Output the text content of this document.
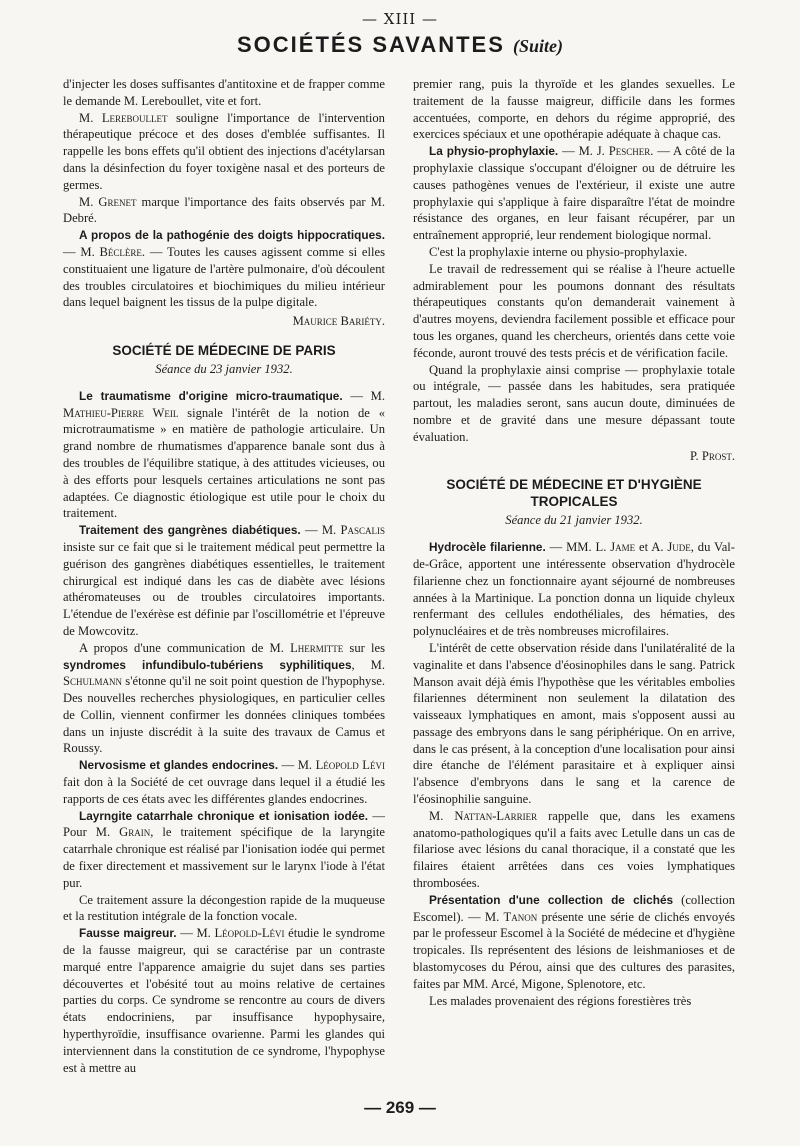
— XIII —
SOCIÉTÉS SAVANTES (Suite)

d'injecter les doses suffisantes d'antitoxine et de frapper comme le demande M. Lereboullet, vite et fort.

M. Lereboullet souligne l'importance de l'intervention thérapeutique précoce et des doses d'emblée suffisantes. Il rappelle les bons effets qu'il obtient des injections d'acétylarsan dans la désinfection du foyer toxigène nasal et des porteurs de germes.

M. Grenet marque l'importance des faits observés par M. Debré.

A propos de la pathogénie des doigts hippocratiques. — M. Béclère. — Toutes les causes agissent comme si elles constituaient une ligature de l'artère pulmonaire, d'où découlent des troubles circulatoires et biochimiques du milieu intérieur dans lequel baignent les tissus de la pulpe digitale.

Maurice Bariéty.
SOCIÉTÉ DE MÉDECINE DE PARIS
Séance du 23 janvier 1932.

Le traumatisme d'origine micro-traumatique. — M. Mathieu-Pierre Weil signale l'intérêt de la notion de « microtraumatisme » en matière de pathologie articulaire. Un grand nombre de rhumatismes d'apparence banale sont dus à des troubles de l'équilibre statique, à des attitudes vicieuses, ou à des efforts pour lesquels certaines articulations ne sont pas adaptées. Ce diagnostic étiologique est utile pour le choix du traitement.

Traitement des gangrènes diabétiques. — M. Pascalis insiste sur ce fait que si le traitement médical peut permettre la guérison des gangrènes diabétiques essentielles, le traitement chirurgical est indiqué dans les cas de diabète avec lésions athéromateuses ou de troubles circulatoires importants. L'étendue de l'exérèse est définie par l'oscillométrie et l'épreuve de Mowcovitz.

A propos d'une communication de M. Lhermitte sur les syndromes infundibulo-tubériens syphilitiques, M. Schulmann s'étonne qu'il ne soit point question de l'hypophyse. Des nouvelles recherches physiologiques, en particulier celles de Collin, viennent confirmer les données cliniques tombées dans un injuste discrédit à la suite des travaux de Camus et Roussy.

Nervosisme et glandes endocrines. — M. Léopold Lévi fait don à la Société de cet ouvrage dans lequel il a étudié les rapports de ces états avec les différentes glandes endocrines.

Layrngite catarrhale chronique et ionisation iodée. — Pour M. Grain, le traitement spécifique de la laryngite catarrhale chronique est réalisé par l'ionisation iodée qui permet de fixer directement et massivement sur le larynx l'iode à l'état pur.

Ce traitement assure la décongestion rapide de la muqueuse et la restitution intégrale de la fonction vocale.

Fausse maigreur. — M. Léopold-Lévi étudie le syndrome de la fausse maigreur, qui se caractérise par un contraste marqué entre l'apparence amaigrie du sujet dans ses parties découvertes et l'obésité tout au moins relative de certaines parties du corps. Ce syndrome se rencontre au cours de divers états endocriniens, par insuffisance hypophysaire, hyperthyroïdie, insuffisance ovarienne. Parmi les glandes qui interviennent dans la constitution de ce syndrome, l'hypophyse est à mettre au

premier rang, puis la thyroïde et les glandes sexuelles. Le traitement de la fausse maigreur, difficile dans les formes accentuées, comporte, en dehors du régime approprié, des exercices spéciaux et une opothérapie adéquate à chaque cas.

La physio-prophylaxie. — M. J. Pescher. — A côté de la prophylaxie classique s'occupant d'éloigner ou de détruire les causes pathogènes venues de l'extérieur, il existe une autre prophylaxie qui s'applique à faire disparaître l'état de moindre résistance des organes, en leur faisant récupérer, par un entraînement approprié, leur rendement biologique normal.

C'est la prophylaxie interne ou physio-prophylaxie.

Le travail de redressement qui se réalise à l'heure actuelle admirablement pour les poumons donnant des résultats thérapeutiques constants qu'on demanderait vainement à d'autres moyens, deviendra facilement possible et efficace pour tous les organes, quand les chercheurs, orientés dans cette voie féconde, auront trouvé des tests précis et de vérification facile.

Quand la prophylaxie ainsi comprise — prophylaxie totale ou intégrale, — passée dans les habitudes, sera pratiquée partout, les maladies seront, sans aucun doute, diminuées de nombre et de gravité dans une mesure dépassant toute évaluation.

P. Prost.
SOCIÉTÉ DE MÉDECINE ET D'HYGIÈNE TROPICALES
Séance du 21 janvier 1932.

Hydrocèle filarienne. — MM. L. Jame et A. Jude, du Val-de-Grâce, apportent une intéressente observation d'hydrocèle filarienne chez un fonctionnaire ayant séjourné de nombreuses années à la Martinique. La ponction donna un liquide chyleux renfermant des cellules endothéliales, des hématies, des polynucléaires et de très nombreuses microfilaires.

L'intérêt de cette observation réside dans l'unilatéralité de la vaginalite et dans l'absence d'éosinophiles dans le sang. Patrick Manson avait déjà émis l'hypothèse que les véritables embolies filariennes déterminent non seulement la dilatation des vaisseaux lymphatiques en amont, mais s'opposent aussi au passage des embryons dans le sang périphérique. On en arrive, dans le cas présent, à la conception d'une localisation pour ainsi dire étanche de l'élément parasitaire et à expliquer ainsi l'absence d'embryons dans le sang et la carence de l'éosinophilie sanguine.

M. Nattan-Larrier rappelle que, dans les examens anatomo-pathologiques qu'il a faits avec Letulle dans un cas de filariose avec lésions du canal thoracique, il a constaté que les filaires étaient arrêtées dans ces voies lymphatiques thrombosées.

Présentation d'une collection de clichés (collection Escomel). — M. Tanon présente une série de clichés envoyés par le professeur Escomel à la Société de médecine et d'hygiène tropicales. Ils représentent des lésions de leishmanioses et de blastomycoses du Pérou, ainsi que des cultures des parasites, faites par MM. Arcé, Migone, Splenotore, etc.

Les malades provenaient des régions forestières très

— 269 —
